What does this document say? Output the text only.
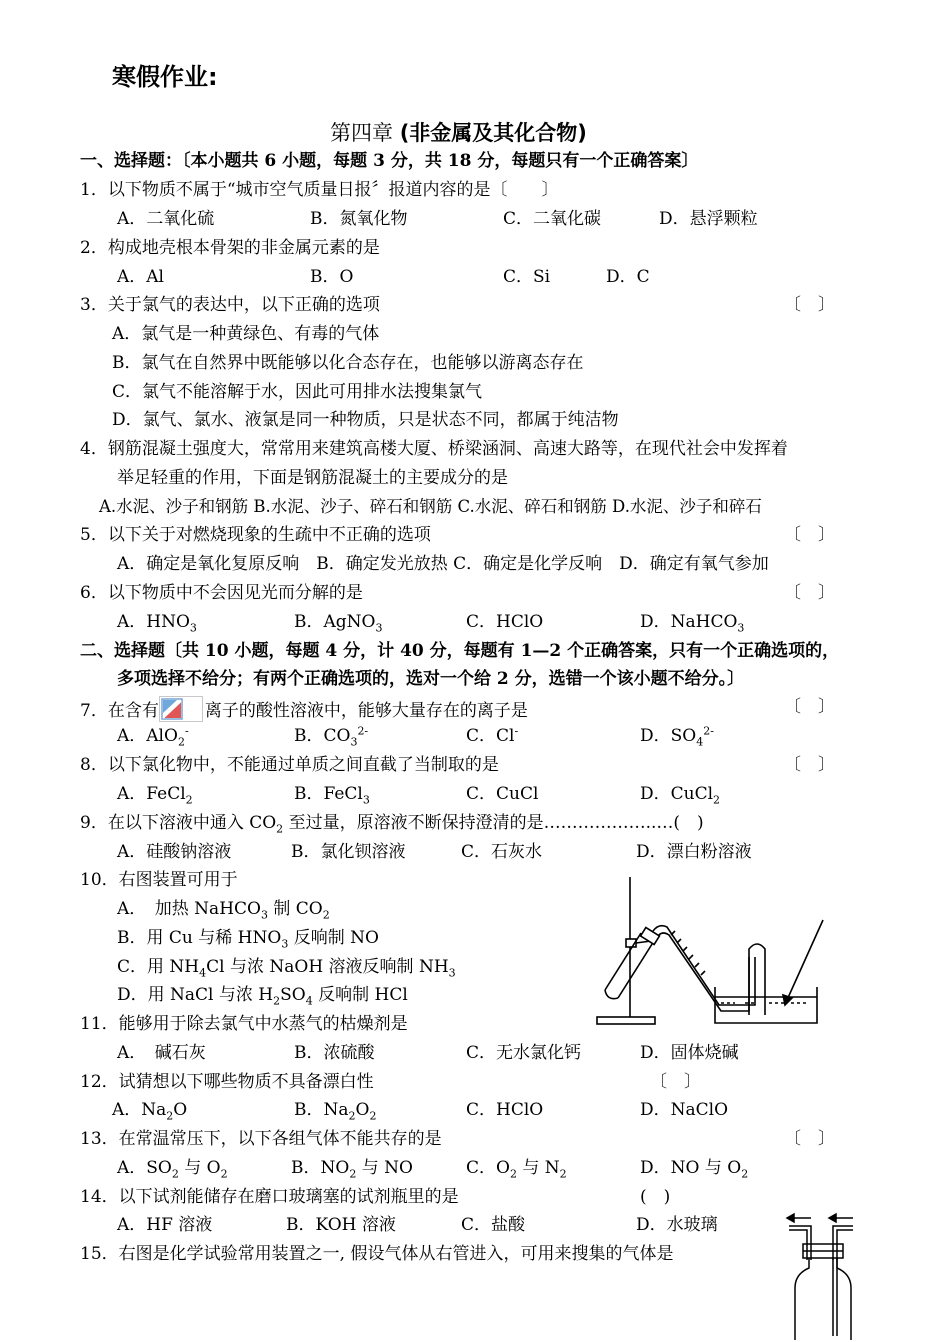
寒假作业:
第四章 (非金属及其化合物)
一、选择题：〔本小题共 6 小题，每题 3 分，共 18 分，每题只有一个正确答案〕
1．以下物质不属于“城市空气质量日报〞报道内容的是〔　　〕
A．二氧化硫	B．氮氧化物	C．二氧化碳	D．悬浮颗粒
2．构成地壳根本骨架的非金属元素的是
A．Al	B．O	C．Si	D．C
3．关于氯气的表达中，以下正确的选项	〔　〕
A．氯气是一种黄绿色、有毒的气体
B．氯气在自然界中既能够以化合态存在，也能够以游离态存在
C．氯气不能溶解于水，因此可用排水法搜集氯气
D．氯气、氯水、液氯是同一种物质，只是状态不同，都属于纯洁物
4．钢筋混凝土强度大，常常用来建筑高楼大厦、桥梁涵洞、高速大路等，在现代社会中发挥着
举足轻重的作用，下面是钢筋混凝土的主要成分的是
A.水泥、沙子和钢筋 B.水泥、沙子、碎石和钢筋 C.水泥、碎石和钢筋 D.水泥、沙子和碎石
5．以下关于对燃烧现象的生疏中不正确的选项	〔　〕
A．确定是氧化复原反响　B．确定发光放热 C．确定是化学反响　D．确定有氧气参加
6．以下物质中不会因见光而分解的是	〔　〕
A．$HNO_3$	B．AgNO$_3$	C．HClO	D．NaHCO$_3$
二、选择题〔共 10 小题，每题 4 分，计 40 分，每题有 1—2 个正确答案，只有一个正确选项的，
多项选择不给分；有两个正确选项的，选对一个给 2 分，选错一个该小题不给分。〕
7．在含有	离子的酸性溶液中，能够大量存在的离子是	〔　〕
A．AlO$_2$-	B．$CO_3^{2-}$	C．Cl-	D．$SO_4^{2-}$
8．以下氯化物中，不能通过单质之间直截了当制取的是	〔　〕
A．FeCl$_2$	B．FeCl$_3$	C．CuCl	D．CuCl$_2$
9．在以下溶液中通入 $CO_2$ 至过量，原溶液不断保持澄清的是………………..…(　)
A．硅酸钠溶液	B．氯化钡溶液	C．石灰水	D．漂白粉溶液
10．右图装置可用于
A．　加热 NaHCO$_3$ 制 $CO_2$
B．用 Cu 与稀 $HNO_3$ 反响制 NO
C．用 $NH_4Cl$ 与浓 NaOH 溶液反响制 $NH_3$
D．用 NaCl 与浓 $H_2SO_4$ 反响制 HCl
11．能够用于除去氯气中水蒸气的枯燥剂是
A．　碱石灰	B．浓硫酸	C．无水氯化钙	D．固体烧碱
12．试猜想以下哪些物质不具备漂白性	〔　〕
A．$Na_2O$	B．$Na_2O_2$	C．HClO	D．NaClO
13．在常温常压下，以下各组气体不能共存的是	〔　〕
A．$SO_2$ 与 $O_2$	B．$NO_2$ 与 NO	C．$O_2$ 与 $N_2$	D．NO 与 $O_2$
14．以下试剂能储存在磨口玻璃塞的试剂瓶里的是	(　)
A．HF 溶液	B．KOH 溶液	C．盐酸	D．水玻璃
15．右图是化学试验常用装置之一, 假设气体从右管进入，可用来搜集的气体是
